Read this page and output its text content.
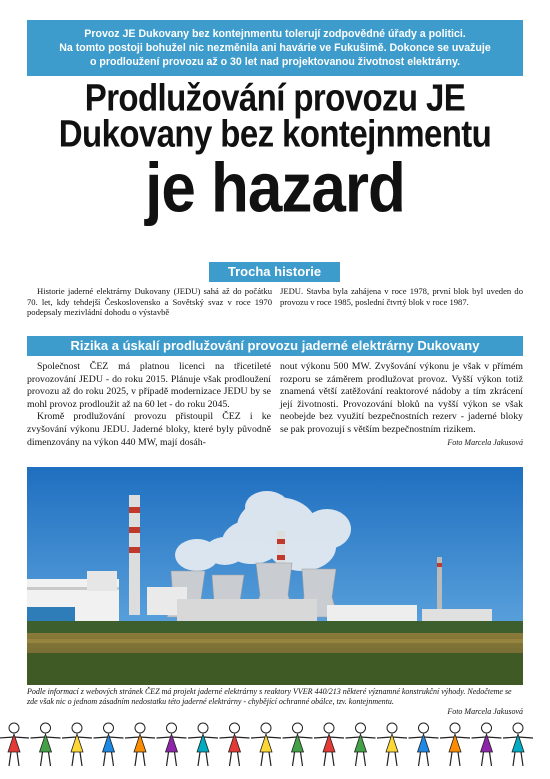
Provoz JE Dukovany bez kontejnmentu tolerují zodpovědné úřady a politici.
Na tomto postoji bohužel nic nezměnila ani havárie ve Fukušimě. Dokonce se uvažuje
o prodloužení provozu až o 30 let nad projektovanou životnost elektrárny.
Prodlužování provozu JE
Dukovany bez kontejnmentu
je hazard
Trocha historie
Historie jaderné elektrárny Dukovany (JEDU) sahá až do počátku 70. let, kdy tehdejší Československo a Sovětský svaz v roce 1970 podepsaly mezivládní dohodu o výstavbě
JEDU. Stavba byla zahájena v roce 1978, první blok byl uveden do provozu v roce 1985, poslední čtvrtý blok v roce 1987.
Rizika a úskalí prodlužování provozu jaderné elektrárny Dukovany

Společnost ČEZ má platnou licenci na třicetileté provozování JEDU - do roku 2015. Plánuje však prodloužení provozu až do roku 2025, v případě modernizace JEDU by se mohl provoz prodloužit až na 60 let - do roku 2045.

Kromě prodlužování provozu přistoupil ČEZ i ke zvyšování výkonu JEDU. Jaderné bloky, které byly původně dimenzovány na výkon 440 MW, mají dosáh-

nout výkonu 500 MW. Zvyšování výkonu je však v přímém rozporu se záměrem prodlužovat provoz. Vyšší výkon totiž znamená větší zatěžování reaktorové nádoby a tím zkrácení její životnosti. Provozování bloků na vyšší výkon se však neobejde bez využití bezpečnostních rezerv - jaderné bloky se pak provozují s větším bezpečnostním rizikem.
Foto Marcela Jakusová
Podle informací z webových stránek ČEZ má projekt jaderné elektrárny s reaktory VVER 440/213 některé významné konstrukční výhody. Nedočteme se zde však nic o jednom zásadním nedostatku této jaderné elektrárny - chybějící ochranné obálce, tzv. kontejnmentu.
Foto Marcela Jakusová
